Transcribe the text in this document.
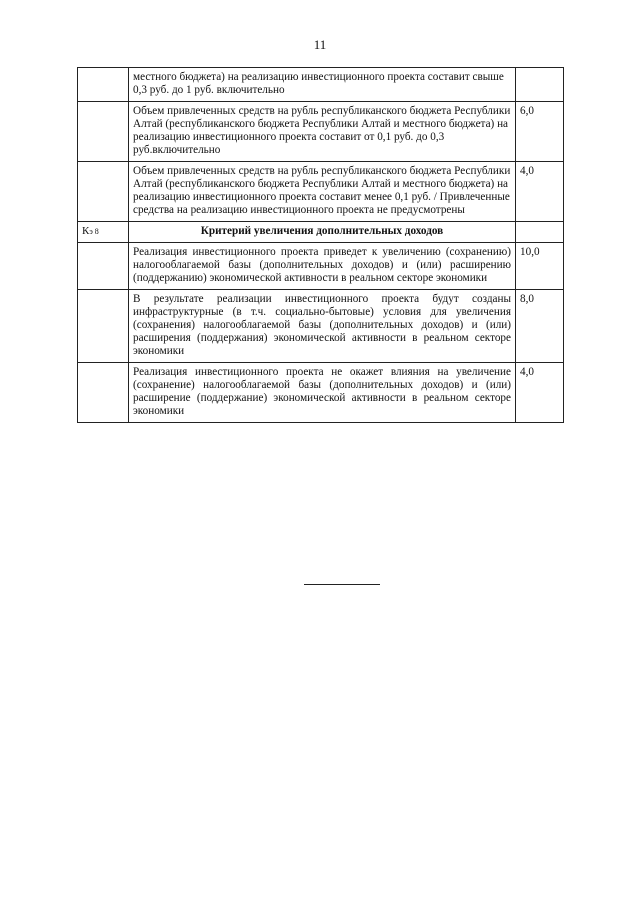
11
	местного бюджета) на реализацию инвестиционного проекта составит свыше 0,3 руб. до 1 руб. включительно	
	Объем привлеченных средств на рубль республиканского бюджета Республики Алтай (республиканского бюджета Республики Алтай и местного бюджета) на реализацию инвестиционного проекта составит от 0,1 руб. до 0,3 руб.включительно	6,0
	Объем привлеченных средств на рубль республиканского бюджета Республики Алтай (республиканского бюджета Республики Алтай и местного бюджета) на реализацию инвестиционного проекта составит менее 0,1 руб. / Привлеченные средства на реализацию инвестиционного проекта не предусмотрены	4,0
Кэ 8	Критерий увеличения дополнительных доходов	
	Реализация инвестиционного проекта приведет к увеличению (сохранению) налогооблагаемой базы (дополнительных доходов) и (или) расширению (поддержанию) экономической активности в реальном секторе экономики	10,0
	В результате реализации инвестиционного проекта будут созданы инфраструктурные (в т.ч. социально-бытовые) условия для увеличения (сохранения) налогооблагаемой базы (дополнительных доходов) и (или) расширения (поддержания) экономической активности в реальном секторе экономики	8,0
	Реализация инвестиционного проекта не окажет влияния на увеличение (сохранение) налогооблагаемой базы (дополнительных доходов) и (или) расширение (поддержание) экономической активности в реальном секторе экономики	4,0
